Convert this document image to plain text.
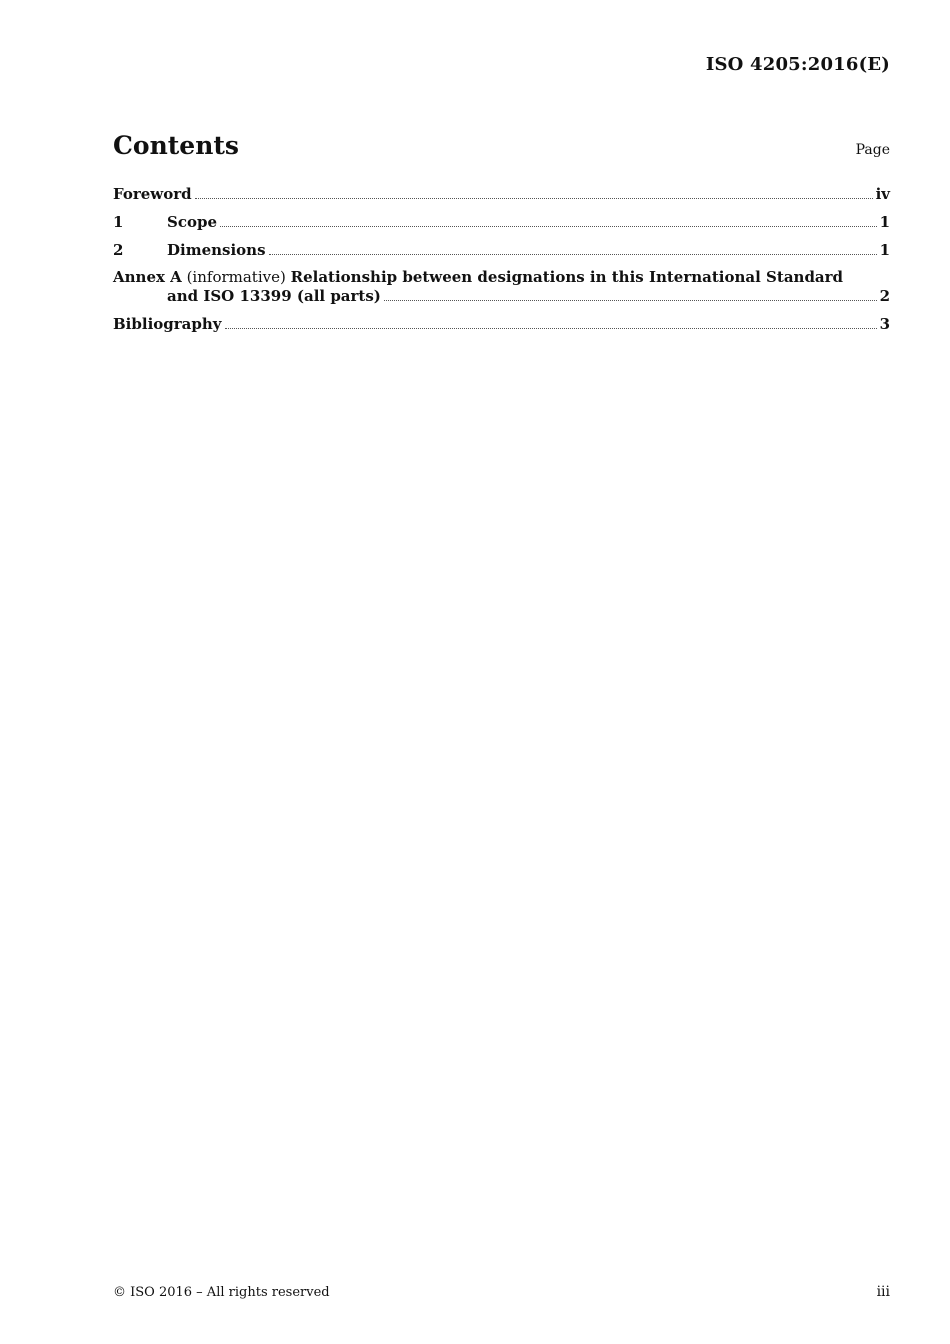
ISO 4205:2016(E)
Contents	Page
Foreword	iv
1	Scope	1
2	Dimensions	1
Annex A (informative) Relationship between designations in this International Standard
and ISO 13399 (all parts)	2
Bibliography	3
© ISO 2016 – All rights reserved	iii
